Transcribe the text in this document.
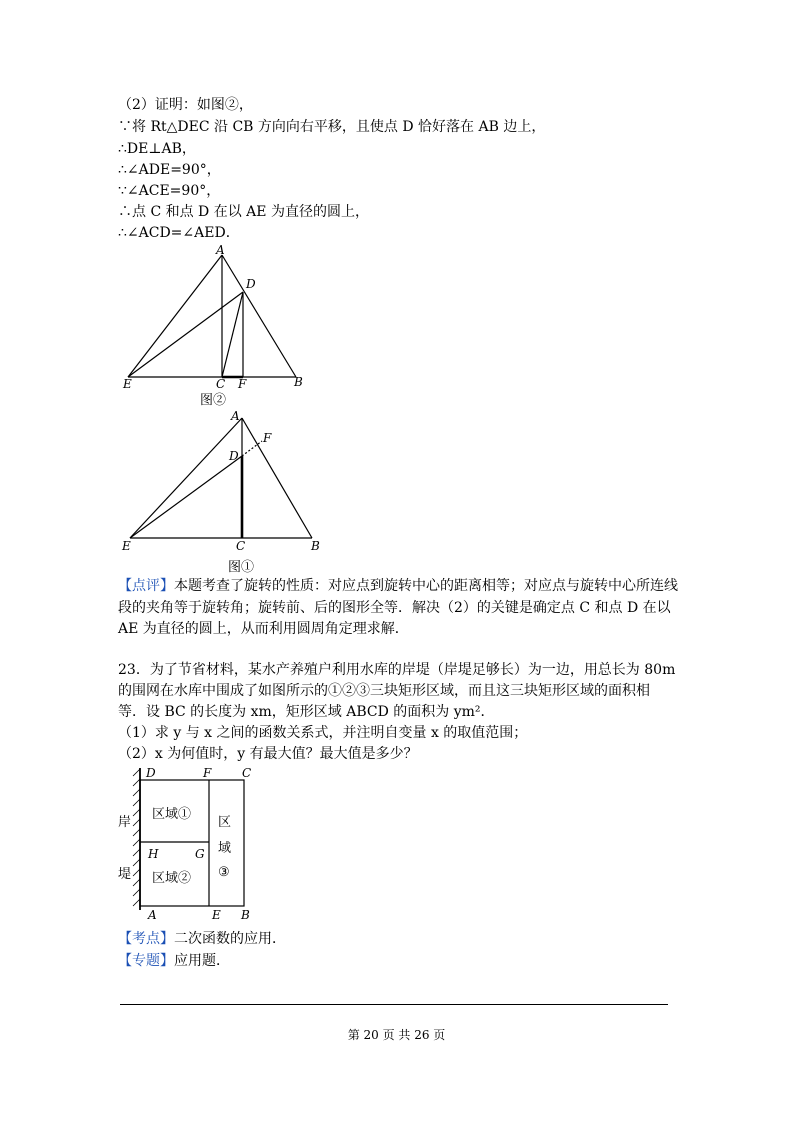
（2）证明：如图②，
∵将 Rt△DEC 沿 CB 方向向右平移，且使点 D 恰好落在 AB 边上，
∴DE⊥AB，
∴∠ADE=90°，
∵∠ACE=90°，
∴点 C 和点 D 在以 AE 为直径的圆上，
∴∠ACD=∠AED．
A
D
E	C F	B
图②
A
F
D
E	C	B
图①
【点评】本题考查了旋转的性质：对应点到旋转中心的距离相等；对应点与旋转中心所连线
段的夹角等于旋转角；旋转前、后的图形全等．解决（2）的关键是确定点 C 和点 D 在以
AE 为直径的圆上，从而利用圆周角定理求解．
23．为了节省材料，某水产养殖户利用水库的岸堤（岸堤足够长）为一边，用总长为 80m
的围网在水库中围成了如图所示的①②③三块矩形区域，而且这三块矩形区域的面积相
等．设 BC 的长度为 xm，矩形区域 ABCD 的面积为 ym²．
（1）求 y 与 x 之间的函数关系式，并注明自变量 x 的取值范围；
（2）x 为何值时，y 有最大值？最大值是多少？
D	F	C
H	G
A	E B
区域①
区域②
区
域
③
岸
堤
【考点】二次函数的应用．
【专题】应用题．
第 20 页 共 26 页
